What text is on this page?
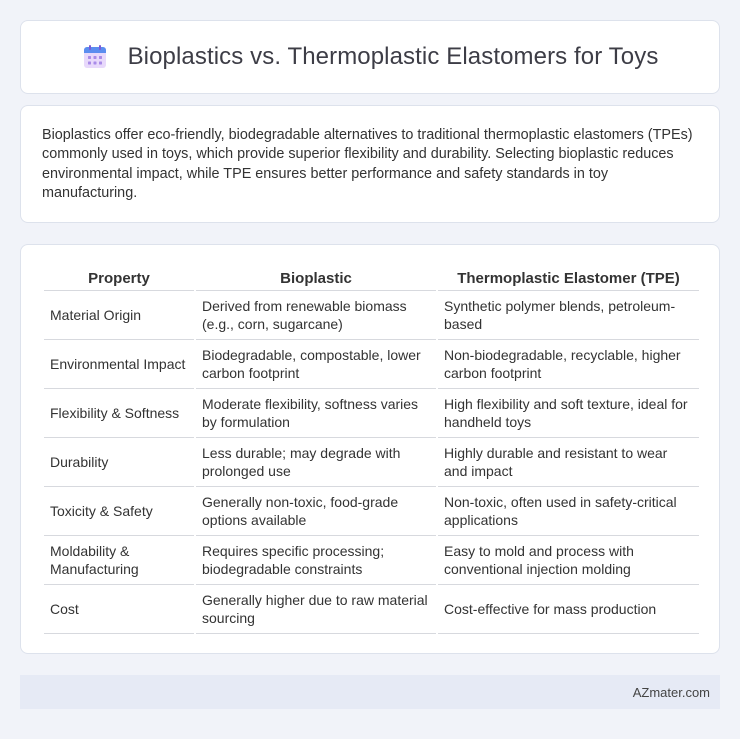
Bioplastics vs. Thermoplastic Elastomers for Toys

Bioplastics offer eco-friendly, biodegradable alternatives to traditional thermoplastic elastomers (TPEs) commonly used in toys, which provide superior flexibility and durability. Selecting bioplastic reduces environmental impact, while TPE ensures better performance and safety standards in toy manufacturing.

Property	Bioplastic	Thermoplastic Elastomer (TPE)
Material Origin	Derived from renewable biomass (e.g., corn, sugarcane)	Synthetic polymer blends, petroleum-based
Environmental Impact	Biodegradable, compostable, lower carbon footprint	Non-biodegradable, recyclable, higher carbon footprint
Flexibility & Softness	Moderate flexibility, softness varies by formulation	High flexibility and soft texture, ideal for handheld toys
Durability	Less durable; may degrade with prolonged use	Highly durable and resistant to wear and impact
Toxicity & Safety	Generally non-toxic, food-grade options available	Non-toxic, often used in safety-critical applications
Moldability & Manufacturing	Requires specific processing; biodegradable constraints	Easy to mold and process with conventional injection molding
Cost	Generally higher due to raw material sourcing	Cost-effective for mass production
AZmater.com
